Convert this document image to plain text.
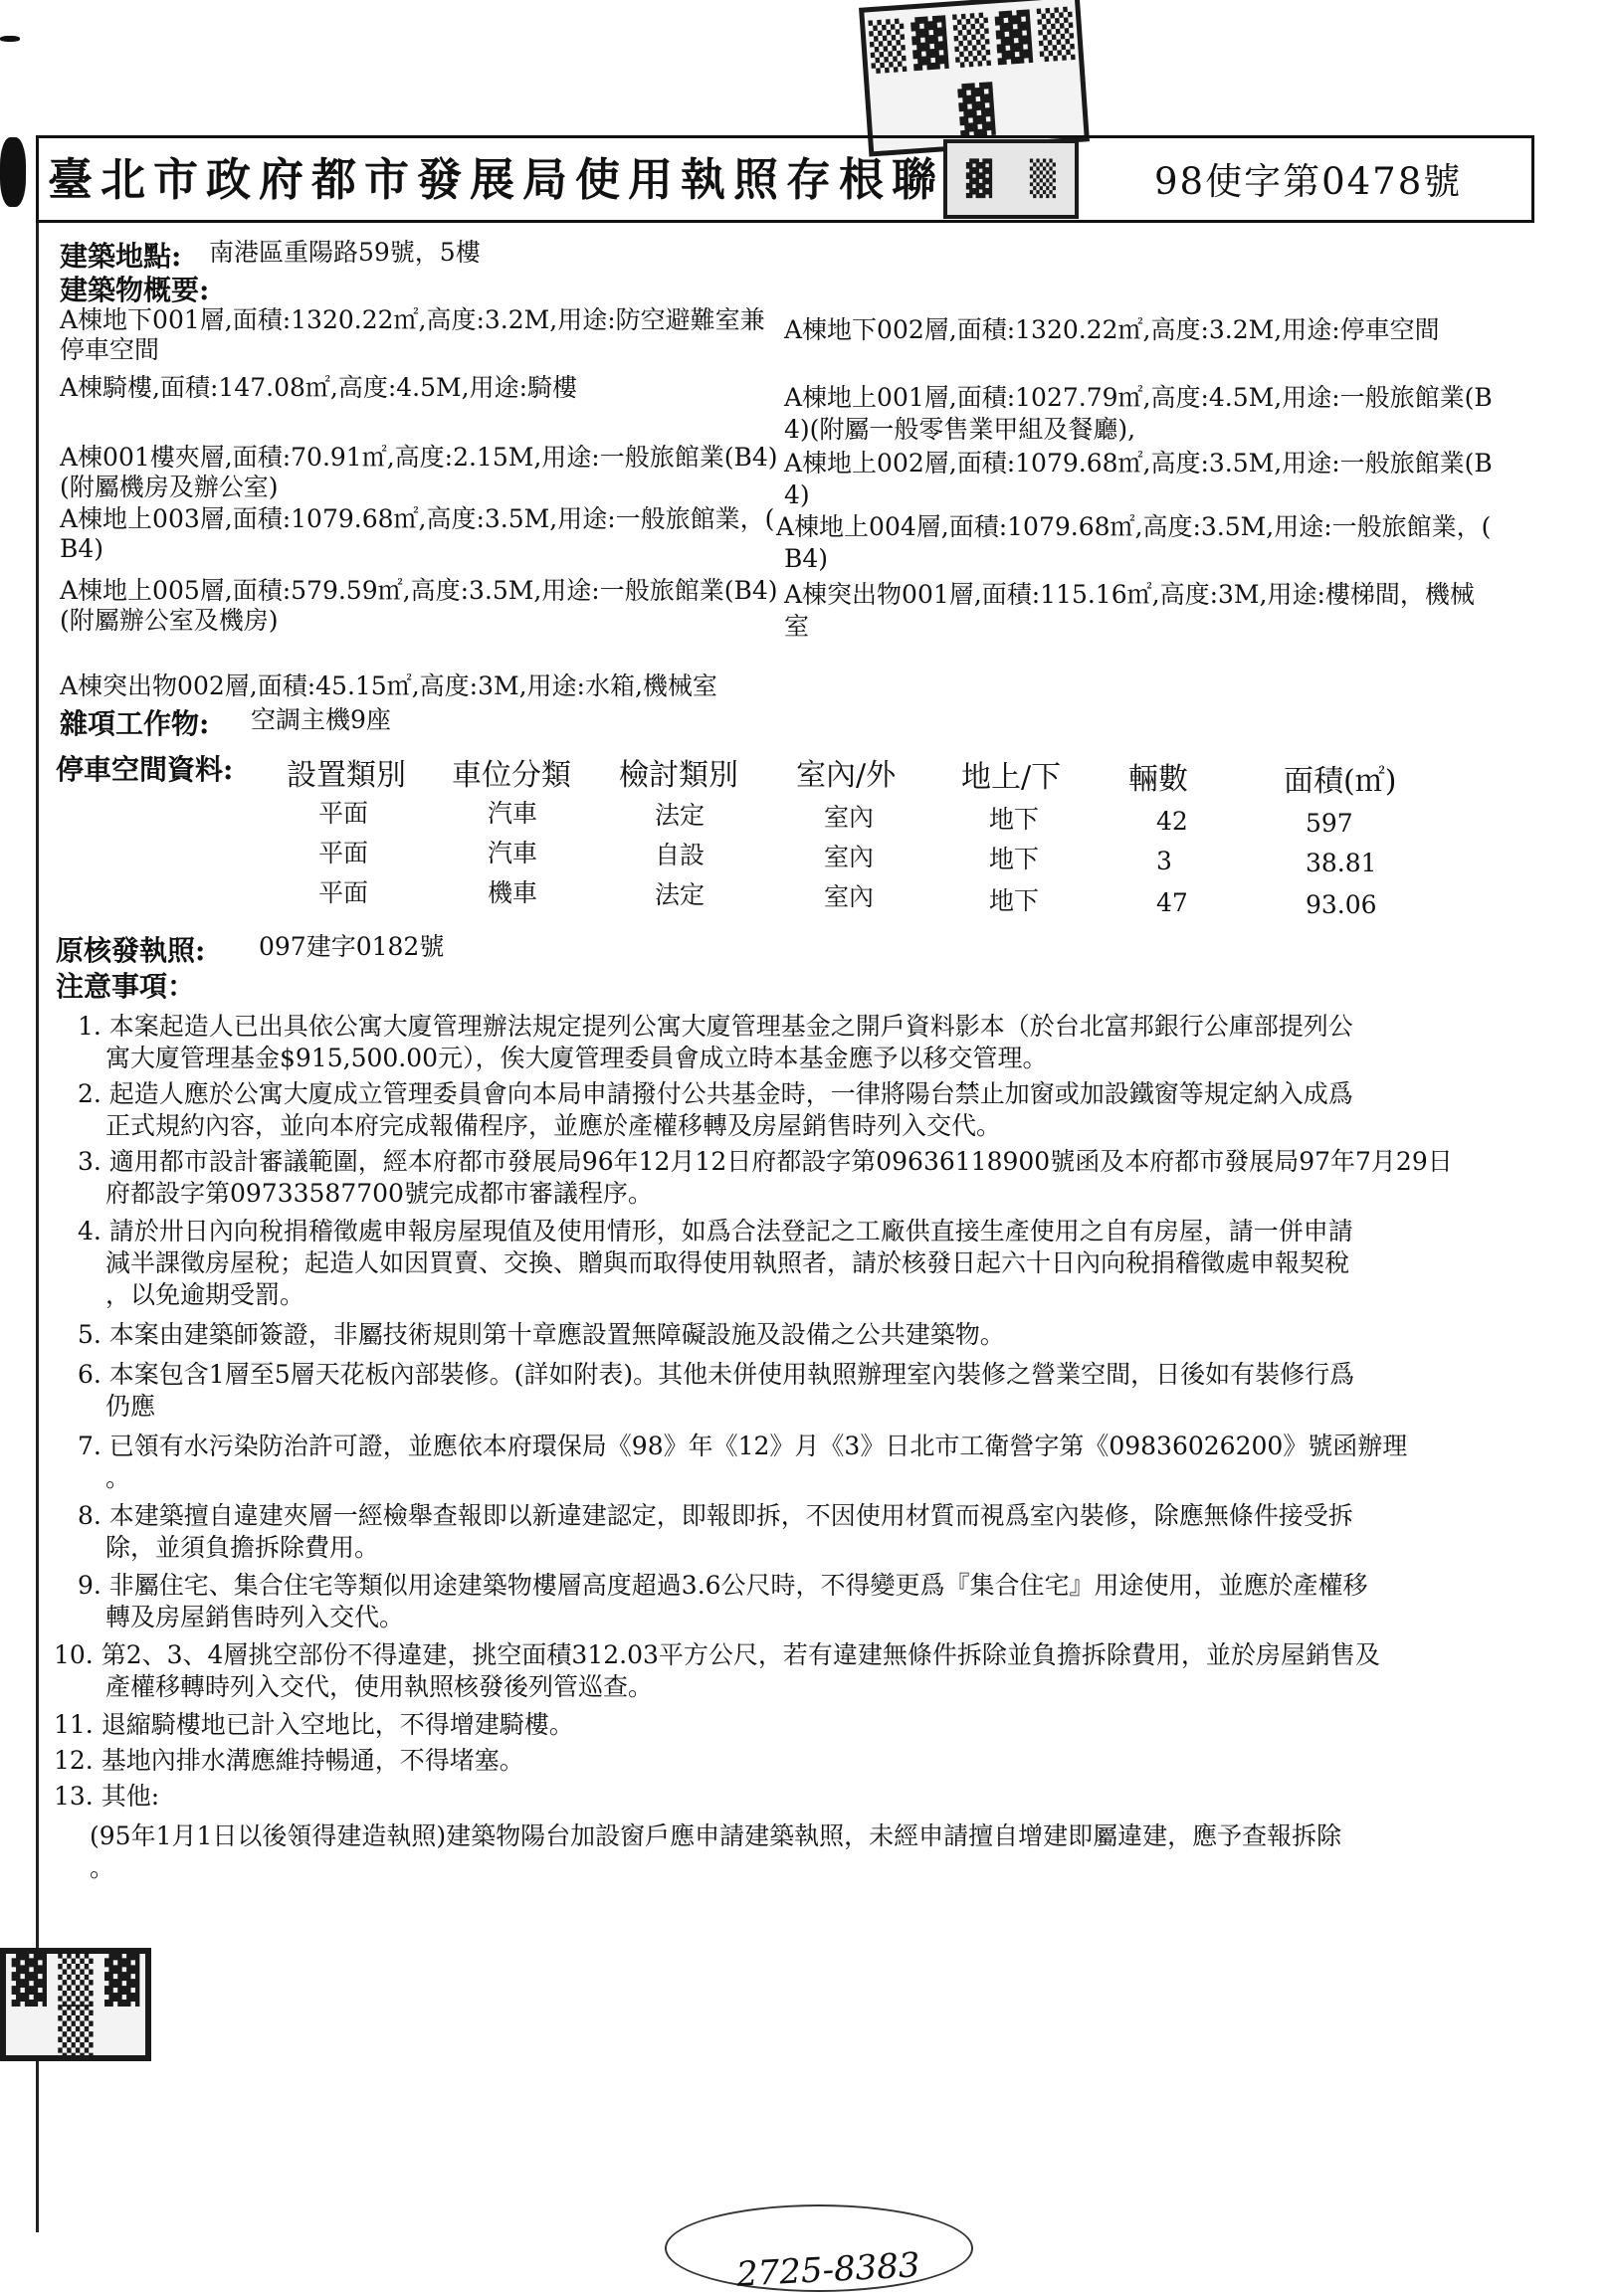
▒ ▓ ▒ ▓ ▒
▓
▓ ▒
臺北市政府都市發展局使用執照存根聯	98使字第0478號
建築地點: 南港區重陽路59號，5樓
建築物概要:
A棟地下001層,面積:1320.22㎡,高度:3.2M,用途:防空避難室兼
停車空間
A棟地下002層,面積:1320.22㎡,高度:3.2M,用途:停車空間
A棟騎樓,面積:147.08㎡,高度:4.5M,用途:騎樓	A棟地上001層,面積:1027.79㎡,高度:4.5M,用途:一般旅館業(B
4)(附屬一般零售業甲組及餐廳),
A棟001樓夾層,面積:70.91㎡,高度:2.15M,用途:一般旅館業(B4)
(附屬機房及辦公室)
A棟地上002層,面積:1079.68㎡,高度:3.5M,用途:一般旅館業(B
4)
A棟地上003層,面積:1079.68㎡,高度:3.5M,用途:一般旅館業，(
B4)
A棟地上004層,面積:1079.68㎡,高度:3.5M,用途:一般旅館業，(
B4)
A棟地上005層,面積:579.59㎡,高度:3.5M,用途:一般旅館業(B4)
(附屬辦公室及機房)
A棟突出物001層,面積:115.16㎡,高度:3M,用途:樓梯間，機械
室
A棟突出物002層,面積:45.15㎡,高度:3M,用途:水箱,機械室
雜項工作物: 空調主機9座
停車空間資料: 設置類別 車位分類 檢討類別 室內/外 地上/下 輛數	面積(㎡)
平面	汽車	法定	室內	地下	42	597
平面	汽車	自設	室內	地下	3	38.81
平面	機車	法定	室內	地下	47	93.06
原核發執照: 097建字0182號
注意事項：
1. 本案起造人已出具依公寓大廈管理辦法規定提列公寓大廈管理基金之開戶資料影本（於台北富邦銀行公庫部提列公
寓大廈管理基金$915,500.00元），俟大廈管理委員會成立時本基金應予以移交管理。
2. 起造人應於公寓大廈成立管理委員會向本局申請撥付公共基金時，一律將陽台禁止加窗或加設鐵窗等規定納入成爲
正式規約內容，並向本府完成報備程序，並應於產權移轉及房屋銷售時列入交代。
3. 適用都市設計審議範圍，經本府都市發展局96年12月12日府都設字第09636118900號函及本府都市發展局97年7月29日
府都設字第09733587700號完成都市審議程序。
4. 請於卅日內向稅捐稽徵處申報房屋現值及使用情形，如爲合法登記之工廠供直接生產使用之自有房屋，請一併申請
減半課徵房屋稅；起造人如因買賣、交換、贈與而取得使用執照者，請於核發日起六十日內向稅捐稽徵處申報契稅
，以免逾期受罰。
5. 本案由建築師簽證，非屬技術規則第十章應設置無障礙設施及設備之公共建築物。
6. 本案包含1層至5層天花板內部裝修。(詳如附表)。其他未併使用執照辦理室內裝修之營業空間，日後如有裝修行爲
仍應
7. 已領有水污染防治許可證，並應依本府環保局《98》年《12》月《3》日北市工衛營字第《09836026200》號函辦理
。
8. 本建築擅自違建夾層一經檢舉查報即以新違建認定，即報即拆，不因使用材質而視爲室內裝修，除應無條件接受拆
除，並須負擔拆除費用。
9. 非屬住宅、集合住宅等類似用途建築物樓層高度超過3.6公尺時，不得變更爲『集合住宅』用途使用，並應於產權移
轉及房屋銷售時列入交代。
10. 第2、3、4層挑空部份不得違建，挑空面積312.03平方公尺，若有違建無條件拆除並負擔拆除費用，並於房屋銷售及
產權移轉時列入交代，使用執照核發後列管巡查。
11. 退縮騎樓地已計入空地比，不得增建騎樓。
12. 基地內排水溝應維持暢通，不得堵塞。
13. 其他:
(95年1月1日以後領得建造執照)建築物陽台加設窗戶應申請建築執照，未經申請擅自增建即屬違建，應予查報拆除
。
▓ ▒ ▓
▒
2725-8383
